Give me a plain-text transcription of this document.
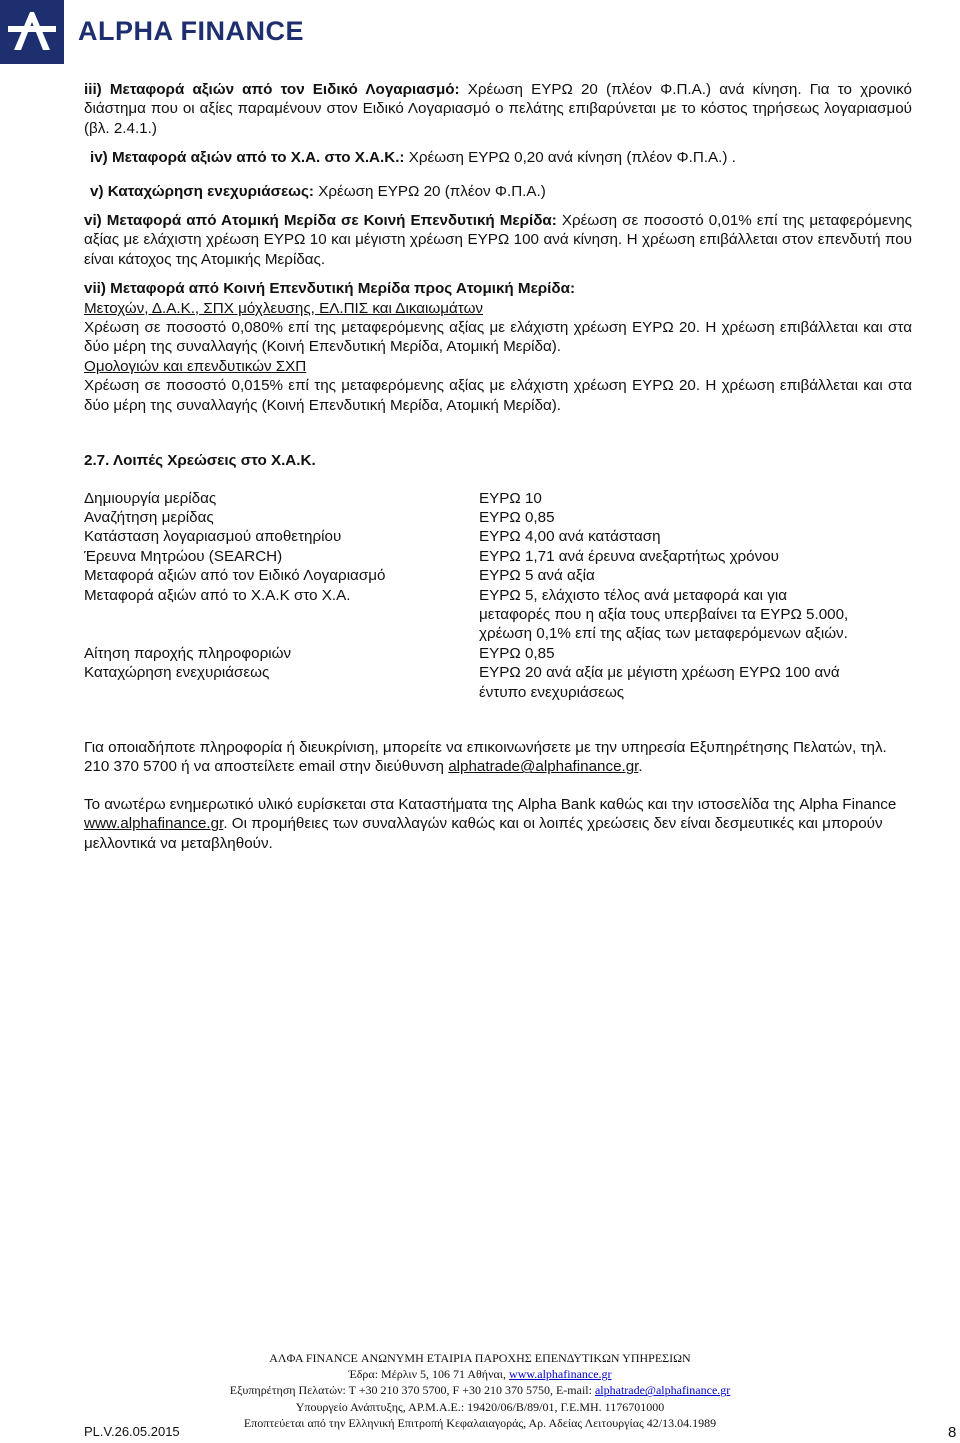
ALPHA FINANCE

iii) Μεταφορά αξιών από τον Ειδικό Λογαριασμό: Χρέωση ΕΥΡΩ 20 (πλέον Φ.Π.Α.) ανά κίνηση. Για το χρονικό διάστημα που οι αξίες παραμένουν στον Ειδικό Λογαριασμό ο πελάτης επιβαρύνεται με το κόστος τηρήσεως λογαριασμού (βλ. 2.4.1.)

iv) Μεταφορά αξιών από το Χ.Α. στο Χ.Α.Κ.: Χρέωση ΕΥΡΩ 0,20 ανά κίνηση (πλέον Φ.Π.Α.) .

v) Καταχώρηση ενεχυριάσεως: Χρέωση ΕΥΡΩ 20 (πλέον Φ.Π.Α.)

vi) Μεταφορά από Ατομική Μερίδα σε Κοινή Επενδυτική Μερίδα: Χρέωση σε ποσοστό 0,01% επί της μεταφερόμενης αξίας με ελάχιστη χρέωση ΕΥΡΩ 10 και μέγιστη χρέωση ΕΥΡΩ 100 ανά κίνηση. Η χρέωση επιβάλλεται στον επενδυτή που είναι κάτοχος της Ατομικής Μερίδας.

vii) Μεταφορά από Κοινή Επενδυτική Μερίδα προς Ατομική Μερίδα:

Μετοχών, Δ.Α.Κ., ΣΠΧ μόχλευσης, ΕΛ.ΠΙΣ και Δικαιωμάτων

Χρέωση σε ποσοστό 0,080% επί της μεταφερόμενης αξίας με ελάχιστη χρέωση ΕΥΡΩ 20. Η χρέωση επιβάλλεται και στα δύο μέρη της συναλλαγής (Κοινή Επενδυτική Μερίδα, Ατομική Μερίδα).

Ομολογιών και επενδυτικών ΣΧΠ

Χρέωση σε ποσοστό 0,015% επί της μεταφερόμενης αξίας με ελάχιστη χρέωση ΕΥΡΩ 20. Η χρέωση επιβάλλεται και στα δύο μέρη της συναλλαγής (Κοινή Επενδυτική Μερίδα, Ατομική Μερίδα).

2.7. Λοιπές Χρεώσεις στο Χ.Α.Κ.

Δημιουργία μερίδας	ΕΥΡΩ 10
Αναζήτηση μερίδας	ΕΥΡΩ 0,85
Κατάσταση λογαριασμού αποθετηρίου	ΕΥΡΩ 4,00 ανά κατάσταση
Έρευνα Μητρώου (SEARCH)	ΕΥΡΩ 1,71 ανά έρευνα ανεξαρτήτως χρόνου
Μεταφορά αξιών από τον Ειδικό Λογαριασμό	ΕΥΡΩ 5 ανά αξία
Μεταφορά αξιών από το Χ.Α.Κ στο Χ.Α.	ΕΥΡΩ 5, ελάχιστο τέλος ανά μεταφορά και για μεταφορές που η αξία τους υπερβαίνει τα ΕΥΡΩ 5.000, χρέωση 0,1% επί της αξίας των μεταφερόμενων αξιών.
Αίτηση παροχής πληροφοριών	ΕΥΡΩ 0,85
Καταχώρηση ενεχυριάσεως	ΕΥΡΩ 20 ανά αξία με μέγιστη χρέωση ΕΥΡΩ 100 ανά έντυπο ενεχυριάσεως

Για οποιαδήποτε πληροφορία ή διευκρίνιση, μπορείτε να επικοινωνήσετε με την υπηρεσία Εξυπηρέτησης Πελατών, τηλ. 210 370 5700 ή να αποστείλετε email στην διεύθυνση alphatrade@alphafinance.gr.

Το ανωτέρω ενημερωτικό υλικό ευρίσκεται στα Καταστήματα της Alpha Bank καθώς και την ιστοσελίδα της Alpha Finance www.alphafinance.gr. Οι προμήθειες των συναλλαγών καθώς και οι λοιπές χρεώσεις δεν είναι δεσμευτικές και μπορούν μελλοντικά να μεταβληθούν.

ΑΛΦΑ FINANCE ΑΝΩΝΥΜΗ ΕΤΑΙΡΙΑ ΠΑΡΟΧΗΣ ΕΠΕΝΔΥΤΙΚΩΝ ΥΠΗΡΕΣΙΩΝ
Έδρα: Μέρλιν 5, 106 71 Αθήναι, www.alphafinance.gr
Εξυπηρέτηση Πελατών: Τ +30 210 370 5700, F +30 210 370 5750, E-mail: alphatrade@alphafinance.gr
Υπουργείο Ανάπτυξης, ΑΡ.Μ.Α.Ε.: 19420/06/Β/89/01, Γ.Ε.ΜΗ. 1176701000
Εποπτεύεται από την Ελληνική Επιτροπή Κεφαλαιαγοράς, Αρ. Αδείας Λειτουργίας 42/13.04.1989
PL.V.26.05.2015	8
